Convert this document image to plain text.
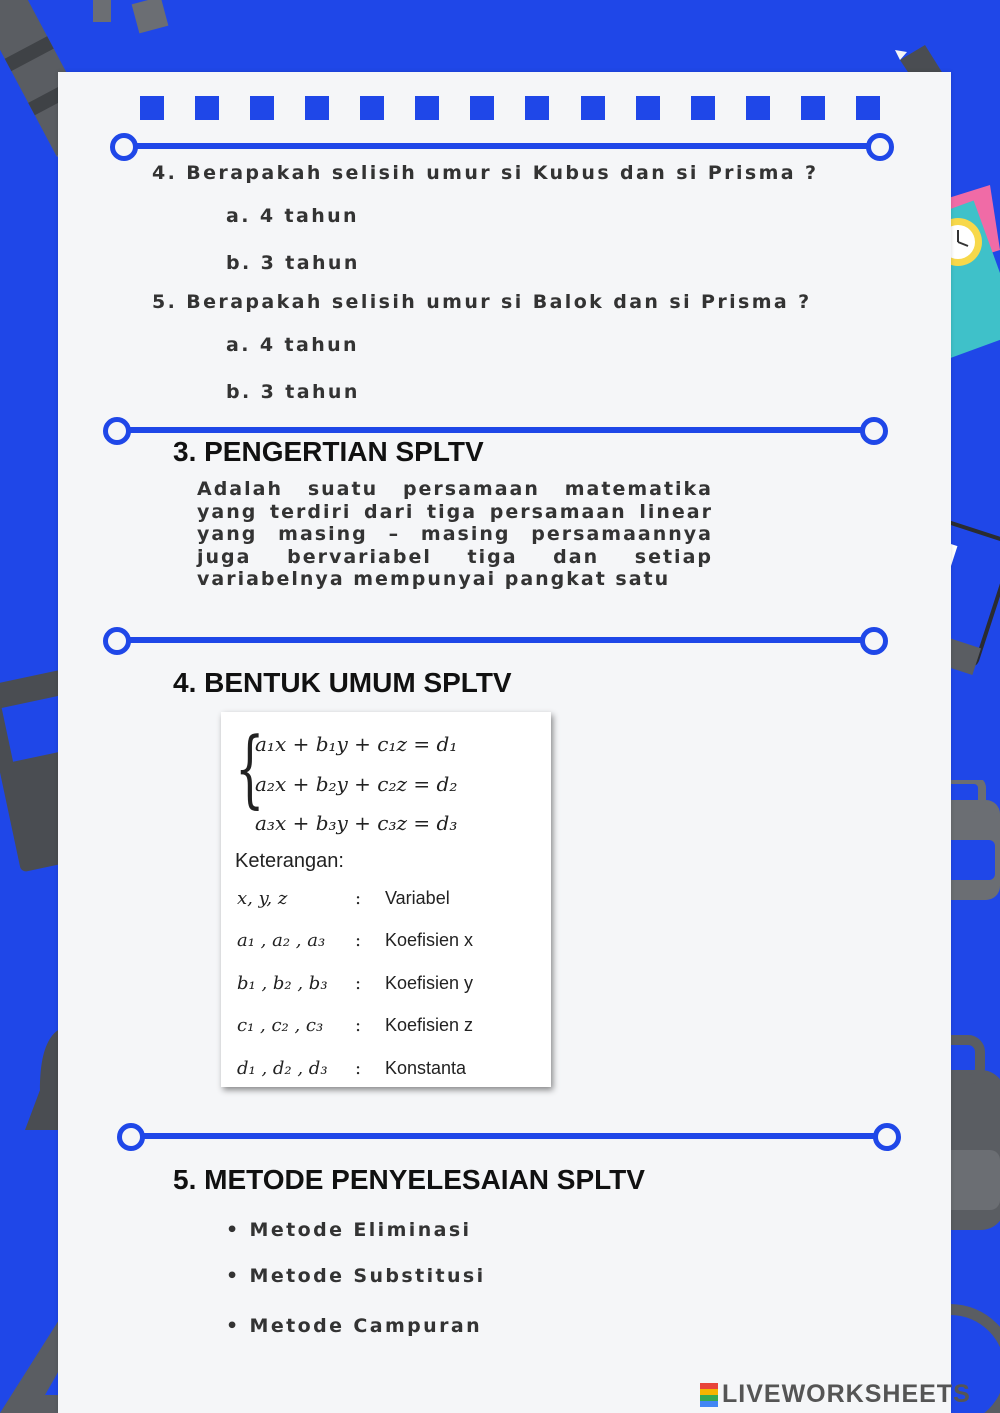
4. Berapakah selisih umur si Kubus dan si Prisma ?
a. 4 tahun
b. 3 tahun
5. Berapakah selisih umur si Balok dan si Prisma ?
a. 4 tahun
b. 3 tahun
3. PENGERTIAN SPLTV
Adalah suatu persamaan matematika yang terdiri dari tiga persamaan linear yang masing – masing persamaannya juga bervariabel tiga dan setiap variabelnya mempunyai pangkat satu
4. BENTUK UMUM SPLTV
{
a₁x + b₁y + c₁z = d₁
a₂x + b₂y + c₂z = d₂
a₃x + b₃y + c₃z = d₃
Keterangan:
x, y, z	: Variabel
a₁ , a₂ , a₃ : Koefisien x
b₁ , b₂ , b₃ : Koefisien y
c₁ , c₂ , c₃ : Koefisien z
d₁ , d₂ , d₃ : Konstanta
5. METODE PENYELESAIAN SPLTV
• Metode Eliminasi
• Metode Substitusi
• Metode Campuran
LIVEWORKSHEETS
